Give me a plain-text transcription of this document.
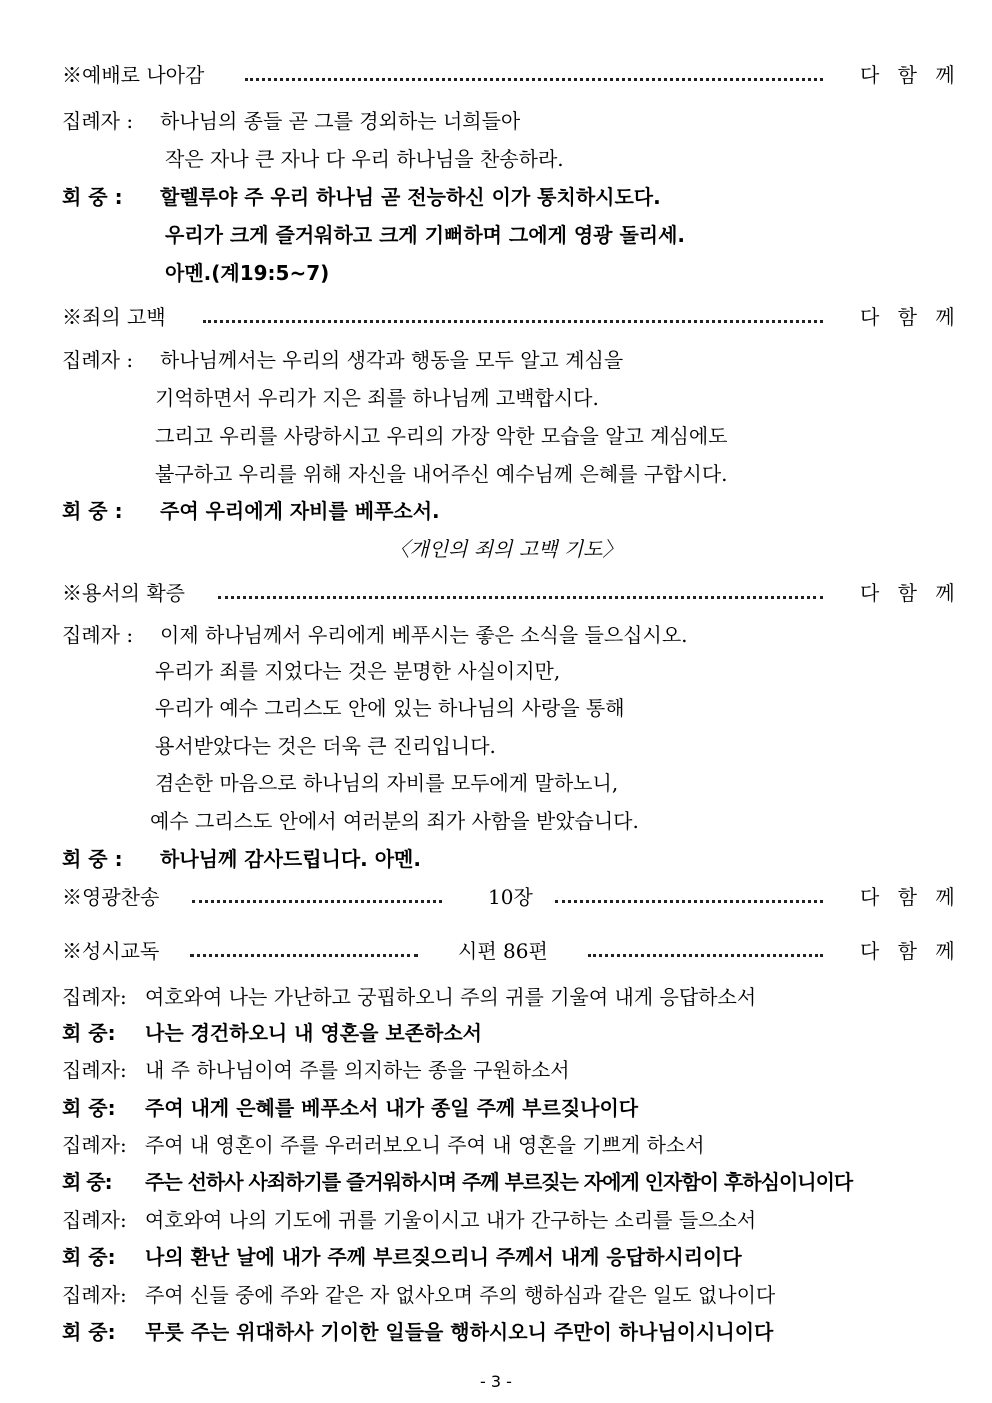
※예배로 나아감	다 함 께
집례자 : 하나님의 종들 곧 그를 경외하는 너희들아
작은 자나 큰 자나 다 우리 하나님을 찬송하라.
회 중 : 할렐루야 주 우리 하나님 곧 전능하신 이가 통치하시도다.
우리가 크게 즐거워하고 크게 기뻐하며 그에게 영광 돌리세.
아멘.(계19:5~7)
※죄의 고백	다 함 께
집례자 : 하나님께서는 우리의 생각과 행동을 모두 알고 계심을
기억하면서 우리가 지은 죄를 하나님께 고백합시다.
그리고 우리를 사랑하시고 우리의 가장 악한 모습을 알고 계심에도
불구하고 우리를 위해 자신을 내어주신 예수님께 은혜를 구합시다.
회 중 : 주여 우리에게 자비를 베푸소서.
〈개인의 죄의 고백 기도〉
※용서의 확증	다 함 께
집례자 : 이제 하나님께서 우리에게 베푸시는 좋은 소식을 들으십시오.
우리가 죄를 지었다는 것은 분명한 사실이지만,
우리가 예수 그리스도 안에 있는 하나님의 사랑을 통해
용서받았다는 것은 더욱 큰 진리입니다.
겸손한 마음으로 하나님의 자비를 모두에게 말하노니,
예수 그리스도 안에서 여러분의 죄가 사함을 받았습니다.
회 중 : 하나님께 감사드립니다. 아멘.
※영광찬송	10장	다 함 께
※성시교독	시편 86편	다 함 께
집례자: 여호와여 나는 가난하고 궁핍하오니 주의 귀를 기울여 내게 응답하소서
회 중: 나는 경건하오니 내 영혼을 보존하소서
집례자: 내 주 하나님이여 주를 의지하는 종을 구원하소서
회 중: 주여 내게 은혜를 베푸소서 내가 종일 주께 부르짖나이다
집례자: 주여 내 영혼이 주를 우러러보오니 주여 내 영혼을 기쁘게 하소서
회 중: 주는 선하사 사죄하기를 즐거워하시며 주께 부르짖는 자에게 인자함이 후하심이니이다
집례자: 여호와여 나의 기도에 귀를 기울이시고 내가 간구하는 소리를 들으소서
회 중: 나의 환난 날에 내가 주께 부르짖으리니 주께서 내게 응답하시리이다
집례자: 주여 신들 중에 주와 같은 자 없사오며 주의 행하심과 같은 일도 없나이다
회 중: 무릇 주는 위대하사 기이한 일들을 행하시오니 주만이 하나님이시니이다
- 3 -
